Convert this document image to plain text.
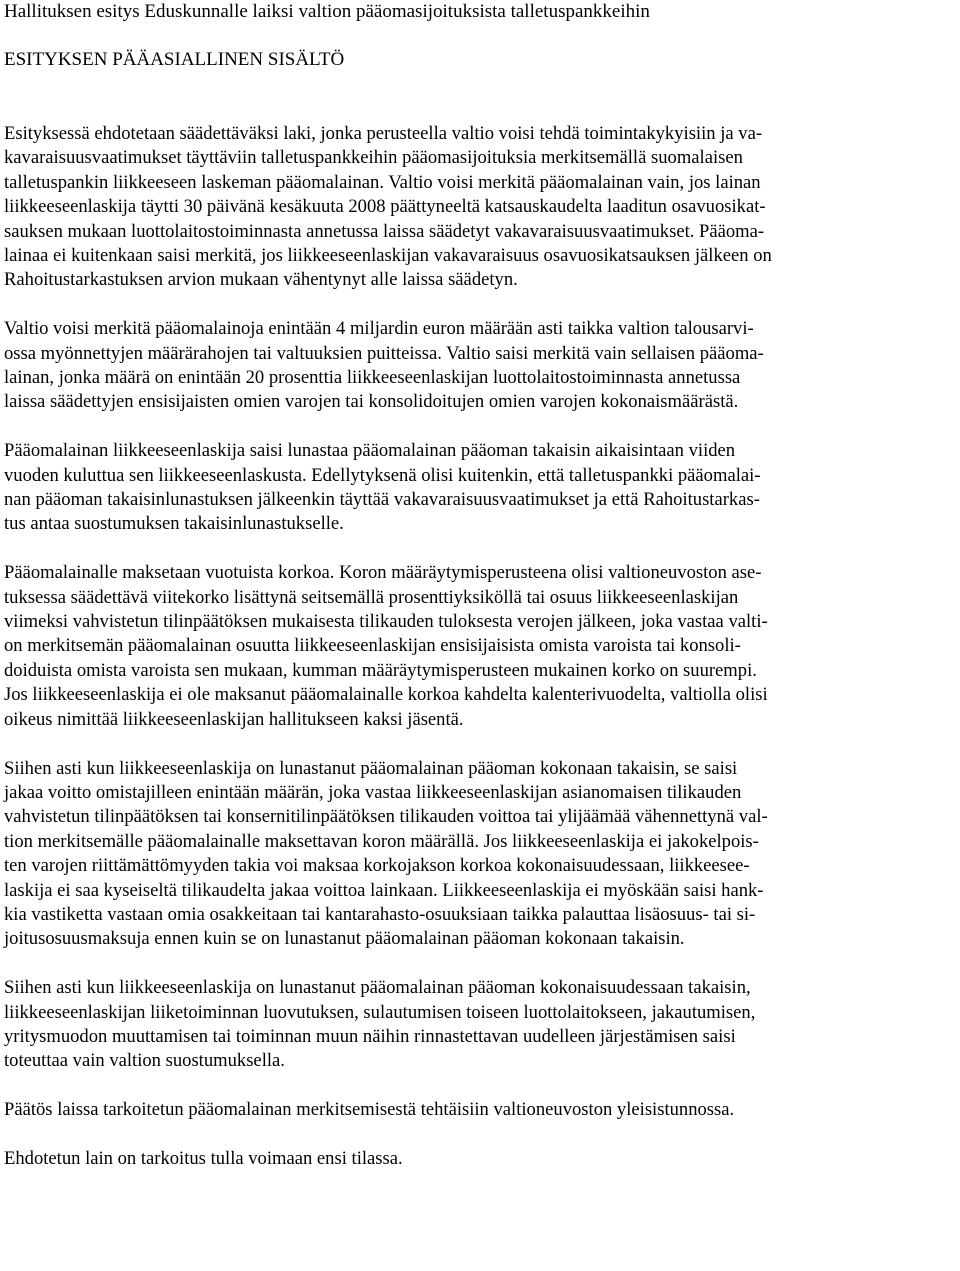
Hallituksen esitys Eduskunnalle laiksi valtion pääomasijoituksista talletuspankkeihin
ESITYKSEN PÄÄASIALLINEN SISÄLTÖ

Esityksessä ehdotetaan säädettäväksi laki, jonka perusteella valtio voisi tehdä toimintakykyisiin ja va-
kavaraisuusvaatimukset täyttäviin talletuspankkeihin pääomasijoituksia merkitsemällä suomalaisen
talletuspankin liikkeeseen laskeman pääomalainan. Valtio voisi merkitä pääomalainan vain, jos lainan
liikkeeseenlaskija täytti 30 päivänä kesäkuuta 2008 päättyneeltä katsauskaudelta laaditun osavuosikat-
sauksen mukaan luottolaitostoiminnasta annetussa laissa säädetyt vakavaraisuusvaatimukset. Pääoma-
lainaa ei kuitenkaan saisi merkitä, jos liikkeeseenlaskijan vakavaraisuus osavuosikatsauksen jälkeen on
Rahoitustarkastuksen arvion mukaan vähentynyt alle laissa säädetyn.

Valtio voisi merkitä pääomalainoja enintään 4 miljardin euron määrään asti taikka valtion talousarvi-
ossa myönnettyjen määrärahojen tai valtuuksien puitteissa. Valtio saisi merkitä vain sellaisen pääoma-
lainan, jonka määrä on enintään 20 prosenttia liikkeeseenlaskijan luottolaitostoiminnasta annetussa
laissa säädettyjen ensisijaisten omien varojen tai konsolidoitujen omien varojen kokonaismäärästä.

Pääomalainan liikkeeseenlaskija saisi lunastaa pääomalainan pääoman takaisin aikaisintaan viiden
vuoden kuluttua sen liikkeeseenlaskusta. Edellytyksenä olisi kuitenkin, että talletuspankki pääomalai-
nan pääoman takaisinlunastuksen jälkeenkin täyttää vakavaraisuusvaatimukset ja että Rahoitustarkas-
tus antaa suostumuksen takaisinlunastukselle.

Pääomalainalle maksetaan vuotuista korkoa. Koron määräytymisperusteena olisi valtioneuvoston ase-
tuksessa säädettävä viitekorko lisättynä seitsemällä prosenttiyksiköllä tai osuus liikkeeseenlaskijan
viimeksi vahvistetun tilinpäätöksen mukaisesta tilikauden tuloksesta verojen jälkeen, joka vastaa valti-
on merkitsemän pääomalainan osuutta liikkeeseenlaskijan ensisijaisista omista varoista tai konsoli-
doiduista omista varoista sen mukaan, kumman määräytymisperusteen mukainen korko on suurempi.
Jos liikkeeseenlaskija ei ole maksanut pääomalainalle korkoa kahdelta kalenterivuodelta, valtiolla olisi
oikeus nimittää liikkeeseenlaskijan hallitukseen kaksi jäsentä.

Siihen asti kun liikkeeseenlaskija on lunastanut pääomalainan pääoman kokonaan takaisin, se saisi
jakaa voitto omistajilleen enintään määrän, joka vastaa liikkeeseenlaskijan asianomaisen tilikauden
vahvistetun tilinpäätöksen tai konsernitilinpäätöksen tilikauden voittoa tai ylijäämää vähennettynä val-
tion merkitsemälle pääomalainalle maksettavan koron määrällä. Jos liikkeeseenlaskija ei jakokelpois-
ten varojen riittämättömyyden takia voi maksaa korkojakson korkoa kokonaisuudessaan, liikkeesee-
laskija ei saa kyseiseltä tilikaudelta jakaa voittoa lainkaan. Liikkeeseenlaskija ei myöskään saisi hank-
kia vastiketta vastaan omia osakkeitaan tai kantarahasto-osuuksiaan taikka palauttaa lisäosuus- tai si-
joitusosuusmaksuja ennen kuin se on lunastanut pääomalainan pääoman kokonaan takaisin.

Siihen asti kun liikkeeseenlaskija on lunastanut pääomalainan pääoman kokonaisuudessaan takaisin,
liikkeeseenlaskijan liiketoiminnan luovutuksen, sulautumisen toiseen luottolaitokseen, jakautumisen,
yritysmuodon muuttamisen tai toiminnan muun näihin rinnastettavan uudelleen järjestämisen saisi
toteuttaa vain valtion suostumuksella.

Päätös laissa tarkoitetun pääomalainan merkitsemisestä tehtäisiin valtioneuvoston yleisistunnossa.

Ehdotetun lain on tarkoitus tulla voimaan ensi tilassa.
